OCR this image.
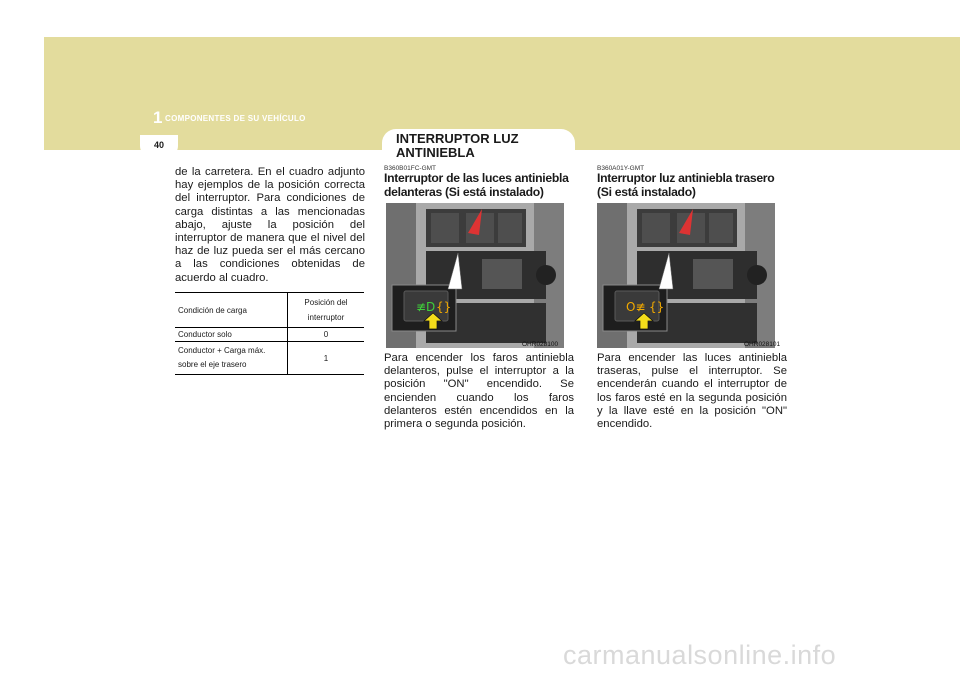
1 COMPONENTES DE SU VEHÍCULO
40	INTERRUPTOR LUZ ANTINIEBLA
de la carretera. En el cuadro adjunto hay ejemplos de la posición correcta del interruptor. Para condiciones de carga distintas a las mencionadas abajo, ajuste la posición del interruptor de manera que el nivel del haz de luz pueda ser el más cercano a las condiciones obtenidas de acuerdo al cuadro.
Condición de carga	Posición del interruptor
Conductor solo	0
Conductor + Carga máx. sobre el eje trasero	1
B360B01FC-GMT
Interruptor de las luces antiniebla delanteras (Si está instalado)
≢D {}
OHR028100
Para encender los faros antiniebla delanteros, pulse el interruptor a la posición "ON" encendido. Se encienden cuando los faros delanteros estén encendidos en la primera o segunda posición.
B360A01Y-GMT
Interruptor luz antiniebla trasero (Si está instalado)
O≢ {}
OHR028101
Para encender las luces antiniebla traseras, pulse el interruptor. Se encenderán cuando el interruptor de los faros esté en la segunda posición y la llave esté en la posición "ON" encendido.
carmanualsonline.info
